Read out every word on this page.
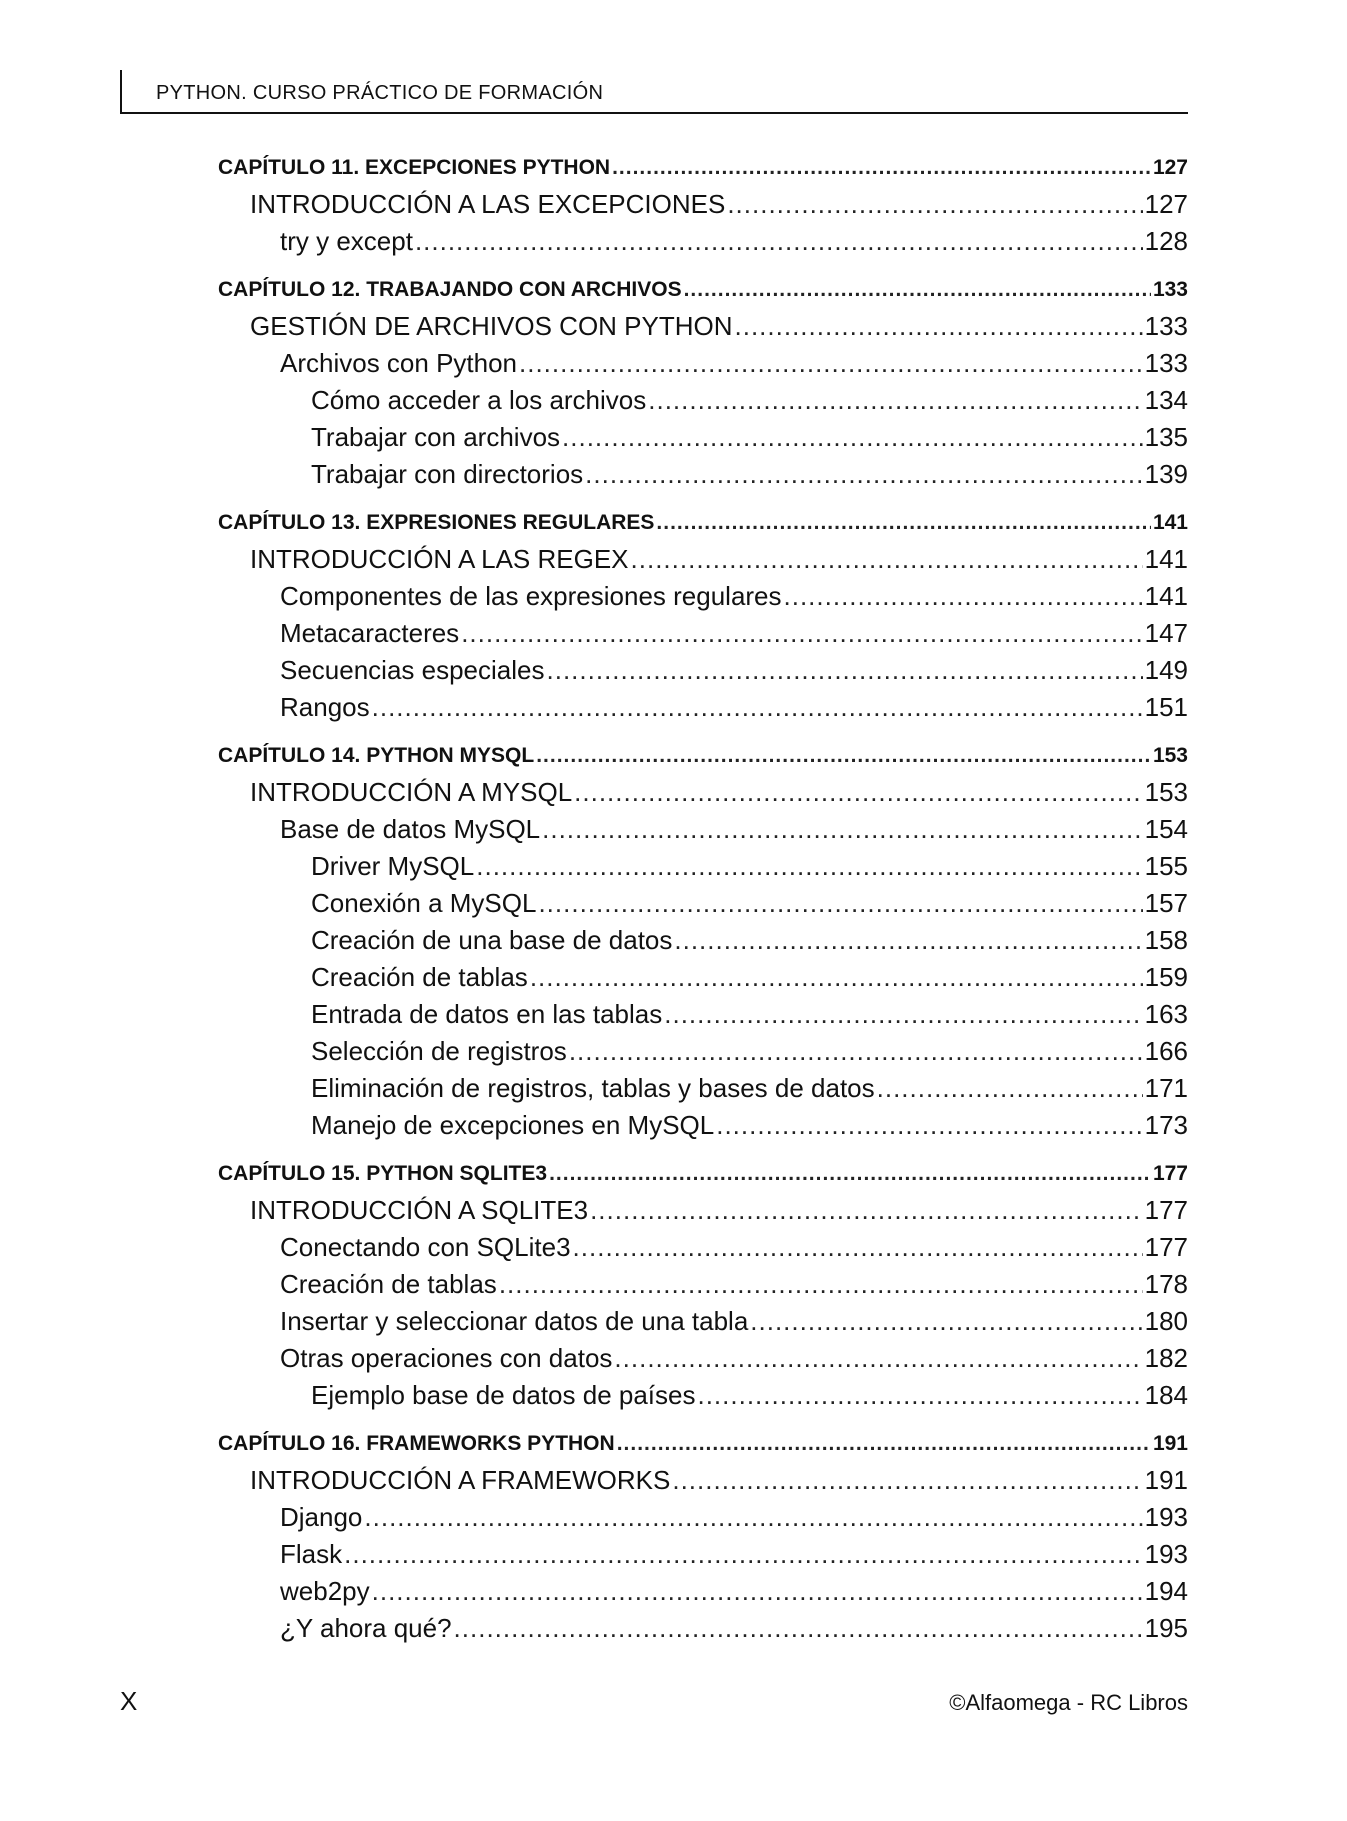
PYTHON. CURSO PRÁCTICO DE FORMACIÓN
CAPÍTULO 11. EXCEPCIONES PYTHON .....	127
INTRODUCCIÓN A LAS EXCEPCIONES .....	127
try y except .....	128
CAPÍTULO 12. TRABAJANDO CON ARCHIVOS .....	133
GESTIÓN DE ARCHIVOS CON PYTHON .....	133
Archivos con Python .....	133
Cómo acceder a los archivos .....	134
Trabajar con archivos .....	135
Trabajar con directorios .....	139
CAPÍTULO 13. EXPRESIONES REGULARES .....	141
INTRODUCCIÓN A LAS REGEX .....	141
Componentes de las expresiones regulares .....	141
Metacaracteres .....	147
Secuencias especiales .....	149
Rangos .....	151
CAPÍTULO 14. PYTHON MYSQL .....	153
INTRODUCCIÓN A MYSQL .....	153
Base de datos MySQL .....	154
Driver MySQL .....	155
Conexión a MySQL .....	157
Creación de una base de datos .....	158
Creación de tablas .....	159
Entrada de datos en las tablas .....	163
Selección de registros .....	166
Eliminación de registros, tablas y bases de datos .....	171
Manejo de excepciones en MySQL .....	173
CAPÍTULO 15. PYTHON SQLITE3 .....	177
INTRODUCCIÓN A SQLITE3 .....	177
Conectando con SQLite3 .....	177
Creación de tablas .....	178
Insertar y seleccionar datos de una tabla .....	180
Otras operaciones con datos .....	182
Ejemplo base de datos de países .....	184
CAPÍTULO 16. FRAMEWORKS PYTHON .....	191
INTRODUCCIÓN A FRAMEWORKS .....	191
Django .....	193
Flask .....	193
web2py .....	194
¿Y ahora qué? .....	195
X	©Alfaomega - RC Libros
